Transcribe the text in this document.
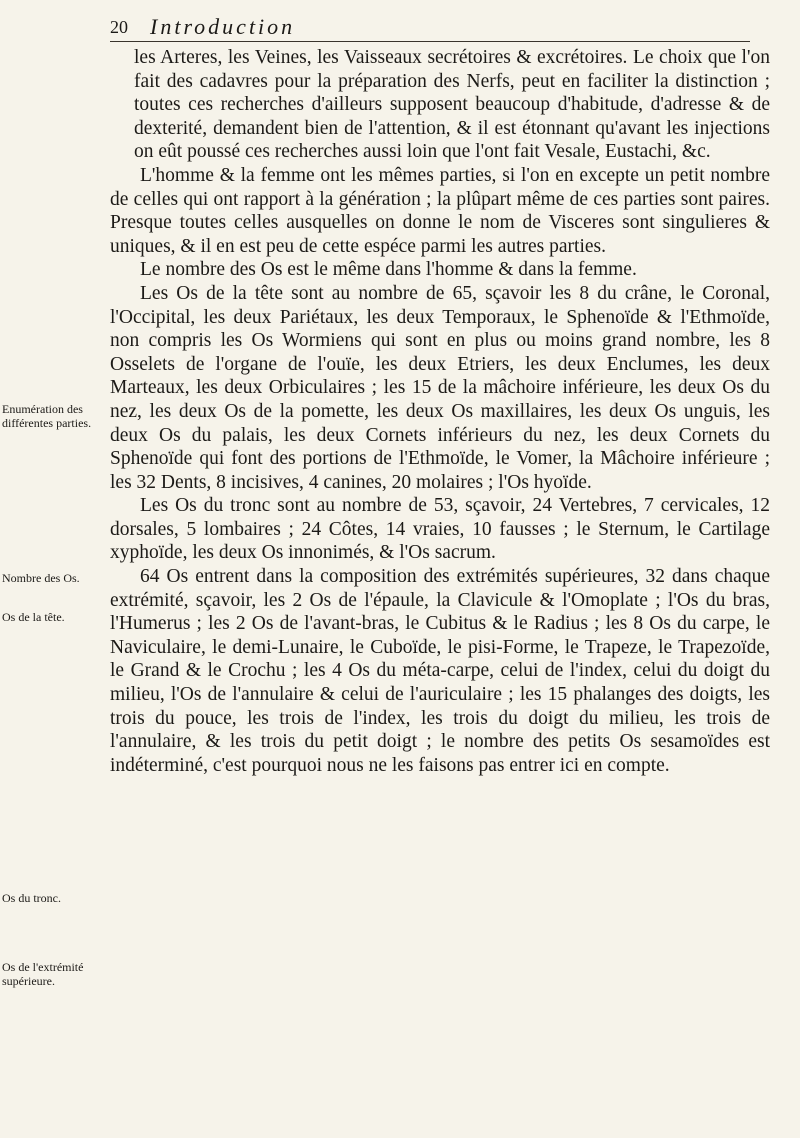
20 Introduction
Enumération des différentes parties.
Nombre des Os.
Os de la tête.
Os du tronc.
Os de l'extrémité supérieure.

les Arteres, les Veines, les Vaisseaux secrétoires & excrétoires. Le choix que l'on fait des cadavres pour la préparation des Nerfs, peut en faciliter la distinction ; toutes ces recherches d'ailleurs supposent beaucoup d'habitude, d'adresse & de dexterité, demandent bien de l'attention, & il est étonnant qu'avant les injections on eût poussé ces recherches aussi loin que l'ont fait Vesale, Eustachi, &c.

L'homme & la femme ont les mêmes parties, si l'on en excepte un petit nombre de celles qui ont rapport à la génération ; la plûpart même de ces parties sont paires. Presque toutes celles ausquelles on donne le nom de Visceres sont singulieres & uniques, & il en est peu de cette espéce parmi les autres parties.

Le nombre des Os est le même dans l'homme & dans la femme.

Les Os de la tête sont au nombre de 65, sçavoir les 8 du crâne, le Coronal, l'Occipital, les deux Pariétaux, les deux Temporaux, le Sphenoïde & l'Ethmoïde, non compris les Os Wormiens qui sont en plus ou moins grand nombre, les 8 Osselets de l'organe de l'ouïe, les deux Etriers, les deux Enclumes, les deux Marteaux, les deux Orbiculaires ; les 15 de la mâchoire inférieure, les deux Os du nez, les deux Os de la pomette, les deux Os maxillaires, les deux Os unguis, les deux Os du palais, les deux Cornets inférieurs du nez, les deux Cornets du Sphenoïde qui font des portions de l'Ethmoïde, le Vomer, la Mâchoire inférieure ; les 32 Dents, 8 incisives, 4 canines, 20 molaires ; l'Os hyoïde.

Les Os du tronc sont au nombre de 53, sçavoir, 24 Vertebres, 7 cervicales, 12 dorsales, 5 lombaires ; 24 Côtes, 14 vraies, 10 fausses ; le Sternum, le Cartilage xyphoïde, les deux Os innonimés, & l'Os sacrum.

64 Os entrent dans la composition des extrémités supérieures, 32 dans chaque extrémité, sçavoir, les 2 Os de l'épaule, la Clavicule & l'Omoplate ; l'Os du bras, l'Humerus ; les 2 Os de l'avant-bras, le Cubitus & le Radius ; les 8 Os du carpe, le Naviculaire, le demi-Lunaire, le Cuboïde, le pisi-Forme, le Trapeze, le Trapezoïde, le Grand & le Crochu ; les 4 Os du méta-carpe, celui de l'index, celui du doigt du milieu, l'Os de l'annulaire & celui de l'auriculaire ; les 15 phalanges des doigts, les trois du pouce, les trois de l'index, les trois du doigt du milieu, les trois de l'annulaire, & les trois du petit doigt ; le nombre des petits Os sesamoïdes est indéterminé, c'est pourquoi nous ne les faisons pas entrer ici en compte.
